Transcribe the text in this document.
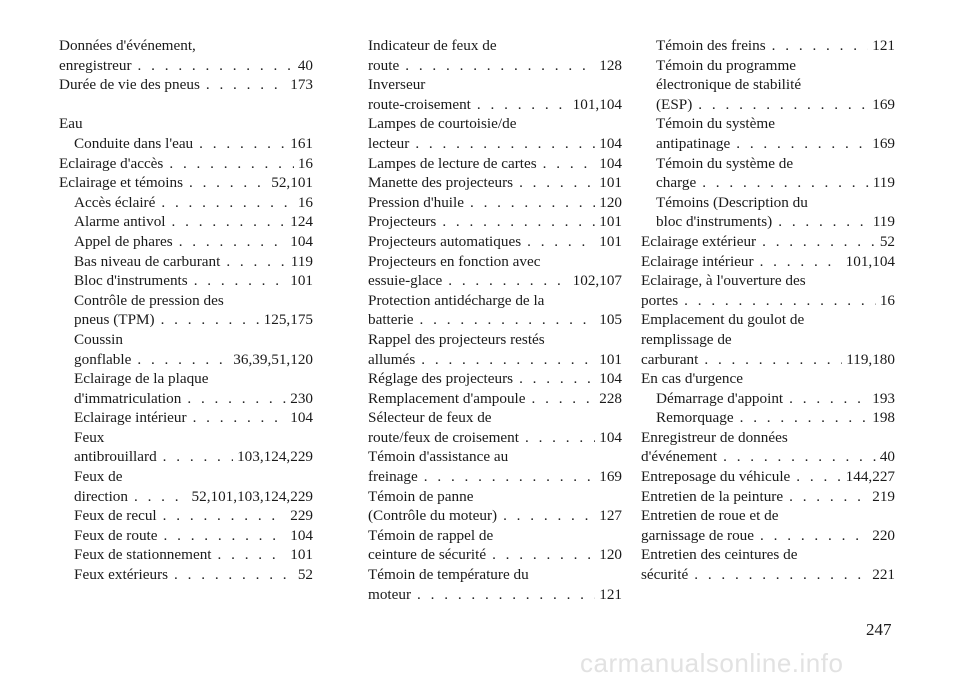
Données d'événement,
enregistreur . . .	40
Durée de vie des pneus . . .	173
Eau
Conduite dans l'eau . . .	161
Eclairage d'accès . . .	16
Eclairage et témoins . . .	52,101
Accès éclairé . . .	16
Alarme antivol . . .	124
Appel de phares . . .	104
Bas niveau de carburant . . .	119
Bloc d'instruments . . .	101
Contrôle de pression des
pneus (TPM) . . .	125,175
Coussin
gonflable . . .	36,39,51,120
Eclairage de la plaque
d'immatriculation . . .	230
Eclairage intérieur . . .	104
Feux
antibrouillard . . .	103,124,229
Feux de
direction . . .	52,101,103,124,229
Feux de recul . . .	229
Feux de route . . .	104
Feux de stationnement . . .	101
Feux extérieurs . . .	52
Indicateur de feux de
route . . .	128
Inverseur
route-croisement . . .	101,104
Lampes de courtoisie/de
lecteur . . .	104
Lampes de lecture de cartes . . .	104
Manette des projecteurs . . .	101
Pression d'huile . . .	120
Projecteurs . . .	101
Projecteurs automatiques . . .	101
Projecteurs en fonction avec
essuie-glace . . .	102,107
Protection antidécharge de la
batterie . . .	105
Rappel des projecteurs restés
allumés . . .	101
Réglage des projecteurs . . .	104
Remplacement d'ampoule . . .	228
Sélecteur de feux de
route/feux de croisement . . .	104
Témoin d'assistance au
freinage . . .	169
Témoin de panne
(Contrôle du moteur) . . .	127
Témoin de rappel de
ceinture de sécurité . . .	120
Témoin de température du
moteur . . .	121
Témoin des freins . . .	121
Témoin du programme
électronique de stabilité
(ESP) . . .	169
Témoin du système
antipatinage . . .	169
Témoin du système de
charge . . .	119
Témoins (Description du
bloc d'instruments) . . .	119
Eclairage extérieur . . .	52
Eclairage intérieur . . .	101,104
Eclairage, à l'ouverture des
portes . . .	16
Emplacement du goulot de
remplissage de
carburant . . .	119,180
En cas d'urgence
Démarrage d'appoint . . .	193
Remorquage . . .	198
Enregistreur de données
d'événement . . .	40
Entreposage du véhicule . . .	144,227
Entretien de la peinture . . .	219
Entretien de roue et de
garnissage de roue . . .	220
Entretien des ceintures de
sécurité . . .	221
247
carmanualsonline.info
